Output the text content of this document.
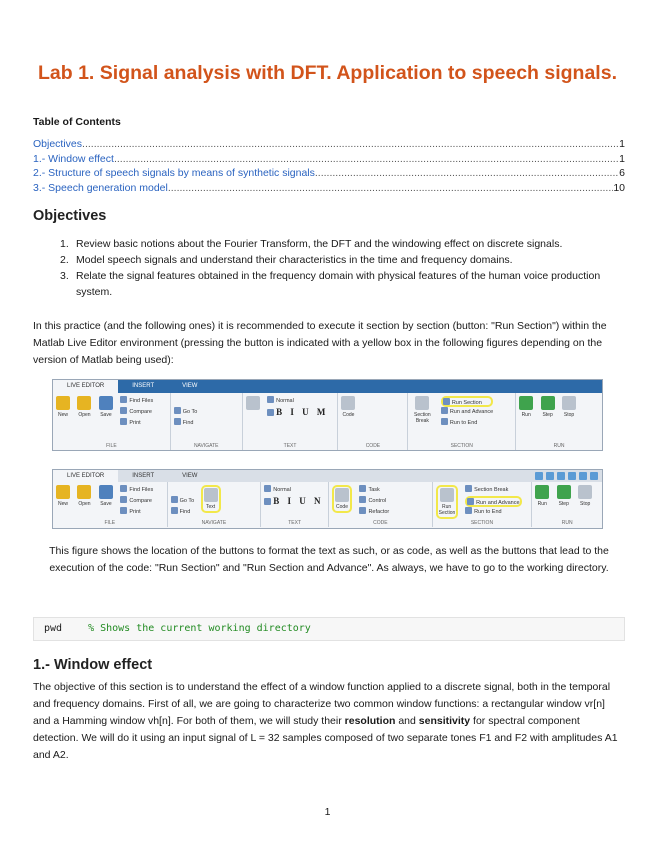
Lab 1. Signal analysis with DFT. Application to speech signals.
Table of Contents
Objectives .....	1
1.- Window effect .....	1
2.- Structure of speech signals by means of synthetic signals .....	6
3.- Speech generation model .....	10
Objectives
1. Review basic notions about the Fourier Transform, the DFT and the windowing effect on discrete signals.
2. Model speech signals and understand their characteristics in the time and frequency domains.
3. Relate the signal features obtained in the frequency domain with physical features of the human voice production system.
In this practice (and the following ones) it is recommended to execute it section by section (button: "Run Section") within the Matlab Live Editor environment (pressing the button is indicated with a yellow box in the following figures depending on the version of Matlab being used):
LIVE EDITOR	INSERT	VIEW
New Open Save
Find Files
Compare
Print
FILE
Go To
Find
NAVIGATE

Normal
B I U M
TEXT
Code
CODE
Section Break
Run Section
Run and Advance
Run to End
SECTION
Run Step Stop
RUN
LIVE EDITOR	INSERT	VIEW
New Open Save
Find Files
Compare
Print
FILE
Go To
Find

Text
NAVIGATE
Normal
B I U N
TEXT
Code
Task
Control
Refactor
CODE
Run Section
Section Break
Run and Advance
Run to End
SECTION
Run Step Stop
RUN
This figure shows the location of the buttons to format the text as such, or as code, as well as the buttons that lead to the execution of the code: "Run Section" and "Run Section and Advance". As always, we have to go to the working directory.
pwd	% Shows the current working directory
1.- Window effect
The objective of this section is to understand the effect of a window function applied to a discrete signal, both in the temporal and frequency domains. First of all, we are going to characterize two common window functions: a rectangular window vr[n] and a Hamming window vh[n]. For both of them, we will study their resolution and sensitivity for spectral component detection. We will do it using an input signal of L = 32 samples composed of two separate tones F1 and F2 with amplitudes A1 and A2.
1
